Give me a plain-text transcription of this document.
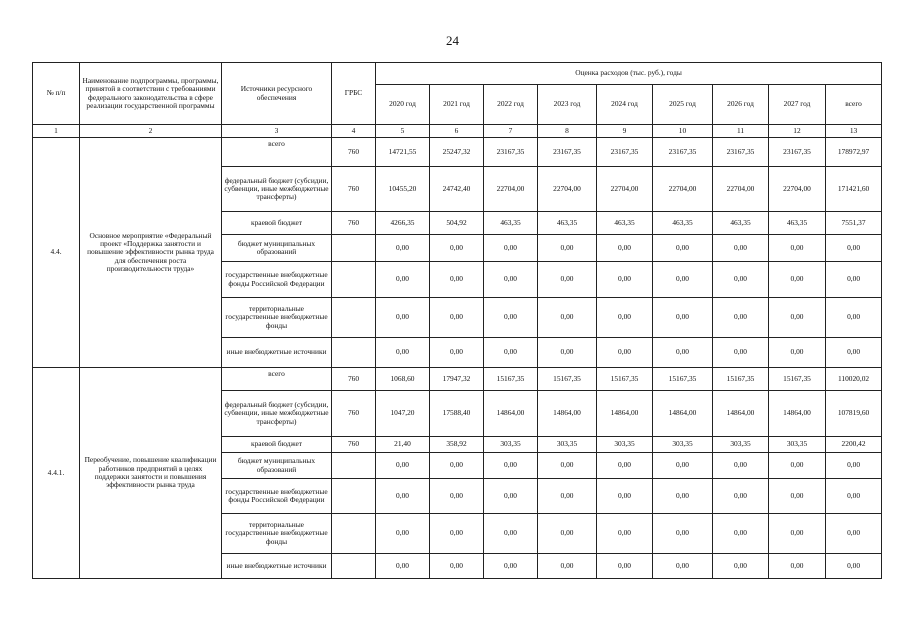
24
№ п/п	Наименование подпрограммы, программы, принятой в соответствии с требованиями федерального законодательства в сфере реализации государственной программы	Источники ресурсного обеспечения	ГРБС	Оценка расходов (тыс. руб.), годы								
				2020 год	2021 год	2022 год	2023 год	2024 год	2025 год	2026 год	2027 год	всего
1	2	3	4	5	6	7	8	9	10	11	12	13
4.4.	Основное мероприятие «Федеральный проект «Поддержка занятости и повышение эффективности рынка труда для обеспечения роста производительности труда»	всего	760	14721,55	25247,32	23167,35	23167,35	23167,35	23167,35	23167,35	23167,35	178972,97
		федеральный бюджет (субсидии, субвенции, иные межбюджетные трансферты)	760	10455,20	24742,40	22704,00	22704,00	22704,00	22704,00	22704,00	22704,00	171421,60
		краевой бюджет	760	4266,35	504,92	463,35	463,35	463,35	463,35	463,35	463,35	7551,37
		бюджет муниципальных образований		0,00	0,00	0,00	0,00	0,00	0,00	0,00	0,00	0,00
		государственные внебюджетные фонды Российской Федерации		0,00	0,00	0,00	0,00	0,00	0,00	0,00	0,00	0,00
		территориальные государственные внебюджетные фонды		0,00	0,00	0,00	0,00	0,00	0,00	0,00	0,00	0,00
		иные внебюджетные источники		0,00	0,00	0,00	0,00	0,00	0,00	0,00	0,00	0,00
4.4.1.	Переобучение, повышение квалификации работников предприятий в целях поддержки занятости и повышения эффективности рынка труда	всего	760	1068,60	17947,32	15167,35	15167,35	15167,35	15167,35	15167,35	15167,35	110020,02
		федеральный бюджет (субсидии, субвенции, иные межбюджетные трансферты)	760	1047,20	17588,40	14864,00	14864,00	14864,00	14864,00	14864,00	14864,00	107819,60
		краевой бюджет	760	21,40	358,92	303,35	303,35	303,35	303,35	303,35	303,35	2200,42
		бюджет муниципальных образований		0,00	0,00	0,00	0,00	0,00	0,00	0,00	0,00	0,00
		государственные внебюджетные фонды Российской Федерации		0,00	0,00	0,00	0,00	0,00	0,00	0,00	0,00	0,00
		территориальные государственные внебюджетные фонды		0,00	0,00	0,00	0,00	0,00	0,00	0,00	0,00	0,00
		иные внебюджетные источники		0,00	0,00	0,00	0,00	0,00	0,00	0,00	0,00	0,00
